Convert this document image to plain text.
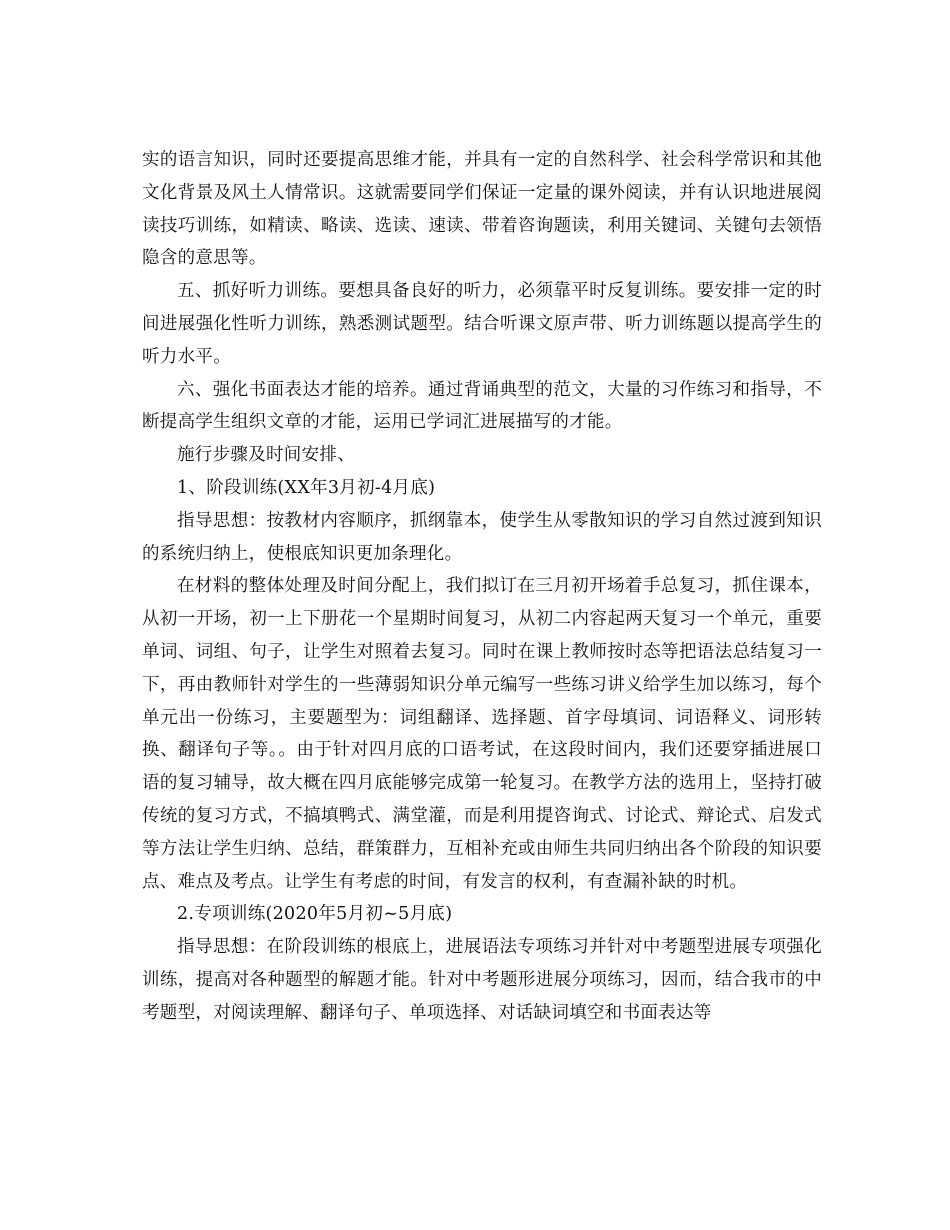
实的语言知识，同时还要提高思维才能，并具有一定的自然科学、社会科学常识和其他文化背景及风土人情常识。这就需要同学们保证一定量的课外阅读，并有认识地进展阅读技巧训练，如精读、略读、选读、速读、带着咨询题读，利用关键词、关键句去领悟隐含的意思等。

五、抓好听力训练。要想具备良好的听力，必须靠平时反复训练。要安排一定的时间进展强化性听力训练，熟悉测试题型。结合听课文原声带、听力训练题以提高学生的听力水平。

六、强化书面表达才能的培养。通过背诵典型的范文，大量的习作练习和指导，不断提高学生组织文章的才能，运用已学词汇进展描写的才能。

施行步骤及时间安排、

1、阶段训练(XX年3月初-4月底)

指导思想：按教材内容顺序，抓纲靠本，使学生从零散知识的学习自然过渡到知识的系统归纳上，使根底知识更加条理化。

在材料的整体处理及时间分配上，我们拟订在三月初开场着手总复习，抓住课本，从初一开场，初一上下册花一个星期时间复习，从初二内容起两天复习一个单元，重要单词、词组、句子，让学生对照着去复习。同时在课上教师按时态等把语法总结复习一下，再由教师针对学生的一些薄弱知识分单元编写一些练习讲义给学生加以练习，每个单元出一份练习，主要题型为：词组翻译、选择题、首字母填词、词语释义、词形转换、翻译句子等。。由于针对四月底的口语考试，在这段时间内，我们还要穿插进展口语的复习辅导，故大概在四月底能够完成第一轮复习。在教学方法的选用上，坚持打破传统的复习方式，不搞填鸭式、满堂灌，而是利用提咨询式、讨论式、辩论式、启发式等方法让学生归纳、总结，群策群力，互相补充或由师生共同归纳出各个阶段的知识要点、难点及考点。让学生有考虑的时间，有发言的权利，有查漏补缺的时机。

2.专项训练(2020年5月初~5月底)

指导思想：在阶段训练的根底上，进展语法专项练习并针对中考题型进展专项强化训练，提高对各种题型的解题才能。针对中考题形进展分项练习，因而，结合我市的中考题型，对阅读理解、翻译句子、单项选择、对话缺词填空和书面表达等
